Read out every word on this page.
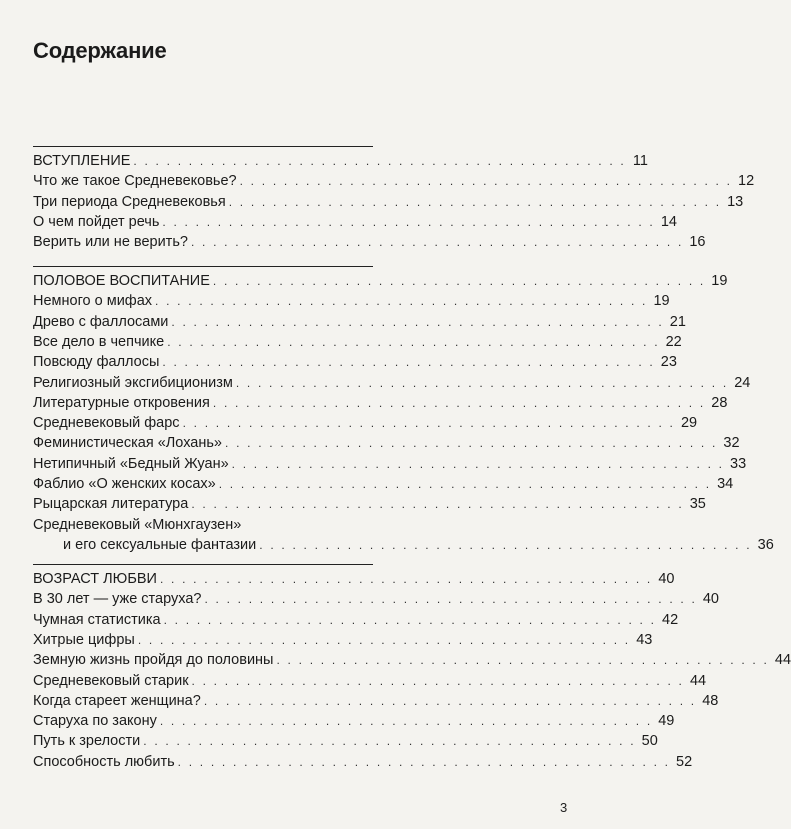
Содержание
3
ВСТУПЛЕНИЕ . . . . . . . . . . . . . . . . . . . . . . . . . . . . . . . . . . . . . . . . . . . . . 11
Что же такое Средневековье? . . . . . . . . . . . . . . . . . . . . . . . . . . . . . . . . . . . . . . . . . . . . . 12
Три периода Средневековья . . . . . . . . . . . . . . . . . . . . . . . . . . . . . . . . . . . . . . . . . . . . . 13
О чем пойдет речь . . . . . . . . . . . . . . . . . . . . . . . . . . . . . . . . . . . . . . . . . . . . . 14
Верить или не верить? . . . . . . . . . . . . . . . . . . . . . . . . . . . . . . . . . . . . . . . . . . . . . 16
ПОЛОВОЕ ВОСПИТАНИЕ . . . . . . . . . . . . . . . . . . . . . . . . . . . . . . . . . . . . . . . . . . . . . 19
Немного о мифах . . . . . . . . . . . . . . . . . . . . . . . . . . . . . . . . . . . . . . . . . . . . . 19
Древо с фаллосами . . . . . . . . . . . . . . . . . . . . . . . . . . . . . . . . . . . . . . . . . . . . . 21
Все дело в чепчике . . . . . . . . . . . . . . . . . . . . . . . . . . . . . . . . . . . . . . . . . . . . . 22
Повсюду фаллосы . . . . . . . . . . . . . . . . . . . . . . . . . . . . . . . . . . . . . . . . . . . . . 23
Религиозный эксгибиционизм . . . . . . . . . . . . . . . . . . . . . . . . . . . . . . . . . . . . . . . . . . . . . 24
Литературные откровения . . . . . . . . . . . . . . . . . . . . . . . . . . . . . . . . . . . . . . . . . . . . . 28
Средневековый фарс . . . . . . . . . . . . . . . . . . . . . . . . . . . . . . . . . . . . . . . . . . . . . 29
Феминистическая «Лохань» . . . . . . . . . . . . . . . . . . . . . . . . . . . . . . . . . . . . . . . . . . . . . 32
Нетипичный «Бедный Жуан» . . . . . . . . . . . . . . . . . . . . . . . . . . . . . . . . . . . . . . . . . . . . . 33
Фаблио «О женских косах» . . . . . . . . . . . . . . . . . . . . . . . . . . . . . . . . . . . . . . . . . . . . . 34
Рыцарская литература . . . . . . . . . . . . . . . . . . . . . . . . . . . . . . . . . . . . . . . . . . . . . 35
Средневековый «Мюнхгаузен»
и его сексуальные фантазии . . . . . . . . . . . . . . . . . . . . . . . . . . . . . . . . . . . . . . . . . . . . . 36
ВОЗРАСТ ЛЮБВИ . . . . . . . . . . . . . . . . . . . . . . . . . . . . . . . . . . . . . . . . . . . . . 40
В 30 лет — уже старуха? . . . . . . . . . . . . . . . . . . . . . . . . . . . . . . . . . . . . . . . . . . . . . 40
Чумная статистика . . . . . . . . . . . . . . . . . . . . . . . . . . . . . . . . . . . . . . . . . . . . . 42
Хитрые цифры . . . . . . . . . . . . . . . . . . . . . . . . . . . . . . . . . . . . . . . . . . . . . 43
Земную жизнь пройдя до половины . . . . . . . . . . . . . . . . . . . . . . . . . . . . . . . . . . . . . . . . . . . . . 44
Средневековый старик . . . . . . . . . . . . . . . . . . . . . . . . . . . . . . . . . . . . . . . . . . . . . 44
Когда стареет женщина? . . . . . . . . . . . . . . . . . . . . . . . . . . . . . . . . . . . . . . . . . . . . . 48
Старуха по закону . . . . . . . . . . . . . . . . . . . . . . . . . . . . . . . . . . . . . . . . . . . . . 49
Путь к зрелости . . . . . . . . . . . . . . . . . . . . . . . . . . . . . . . . . . . . . . . . . . . . . 50
Способность любить . . . . . . . . . . . . . . . . . . . . . . . . . . . . . . . . . . . . . . . . . . . . . 52
